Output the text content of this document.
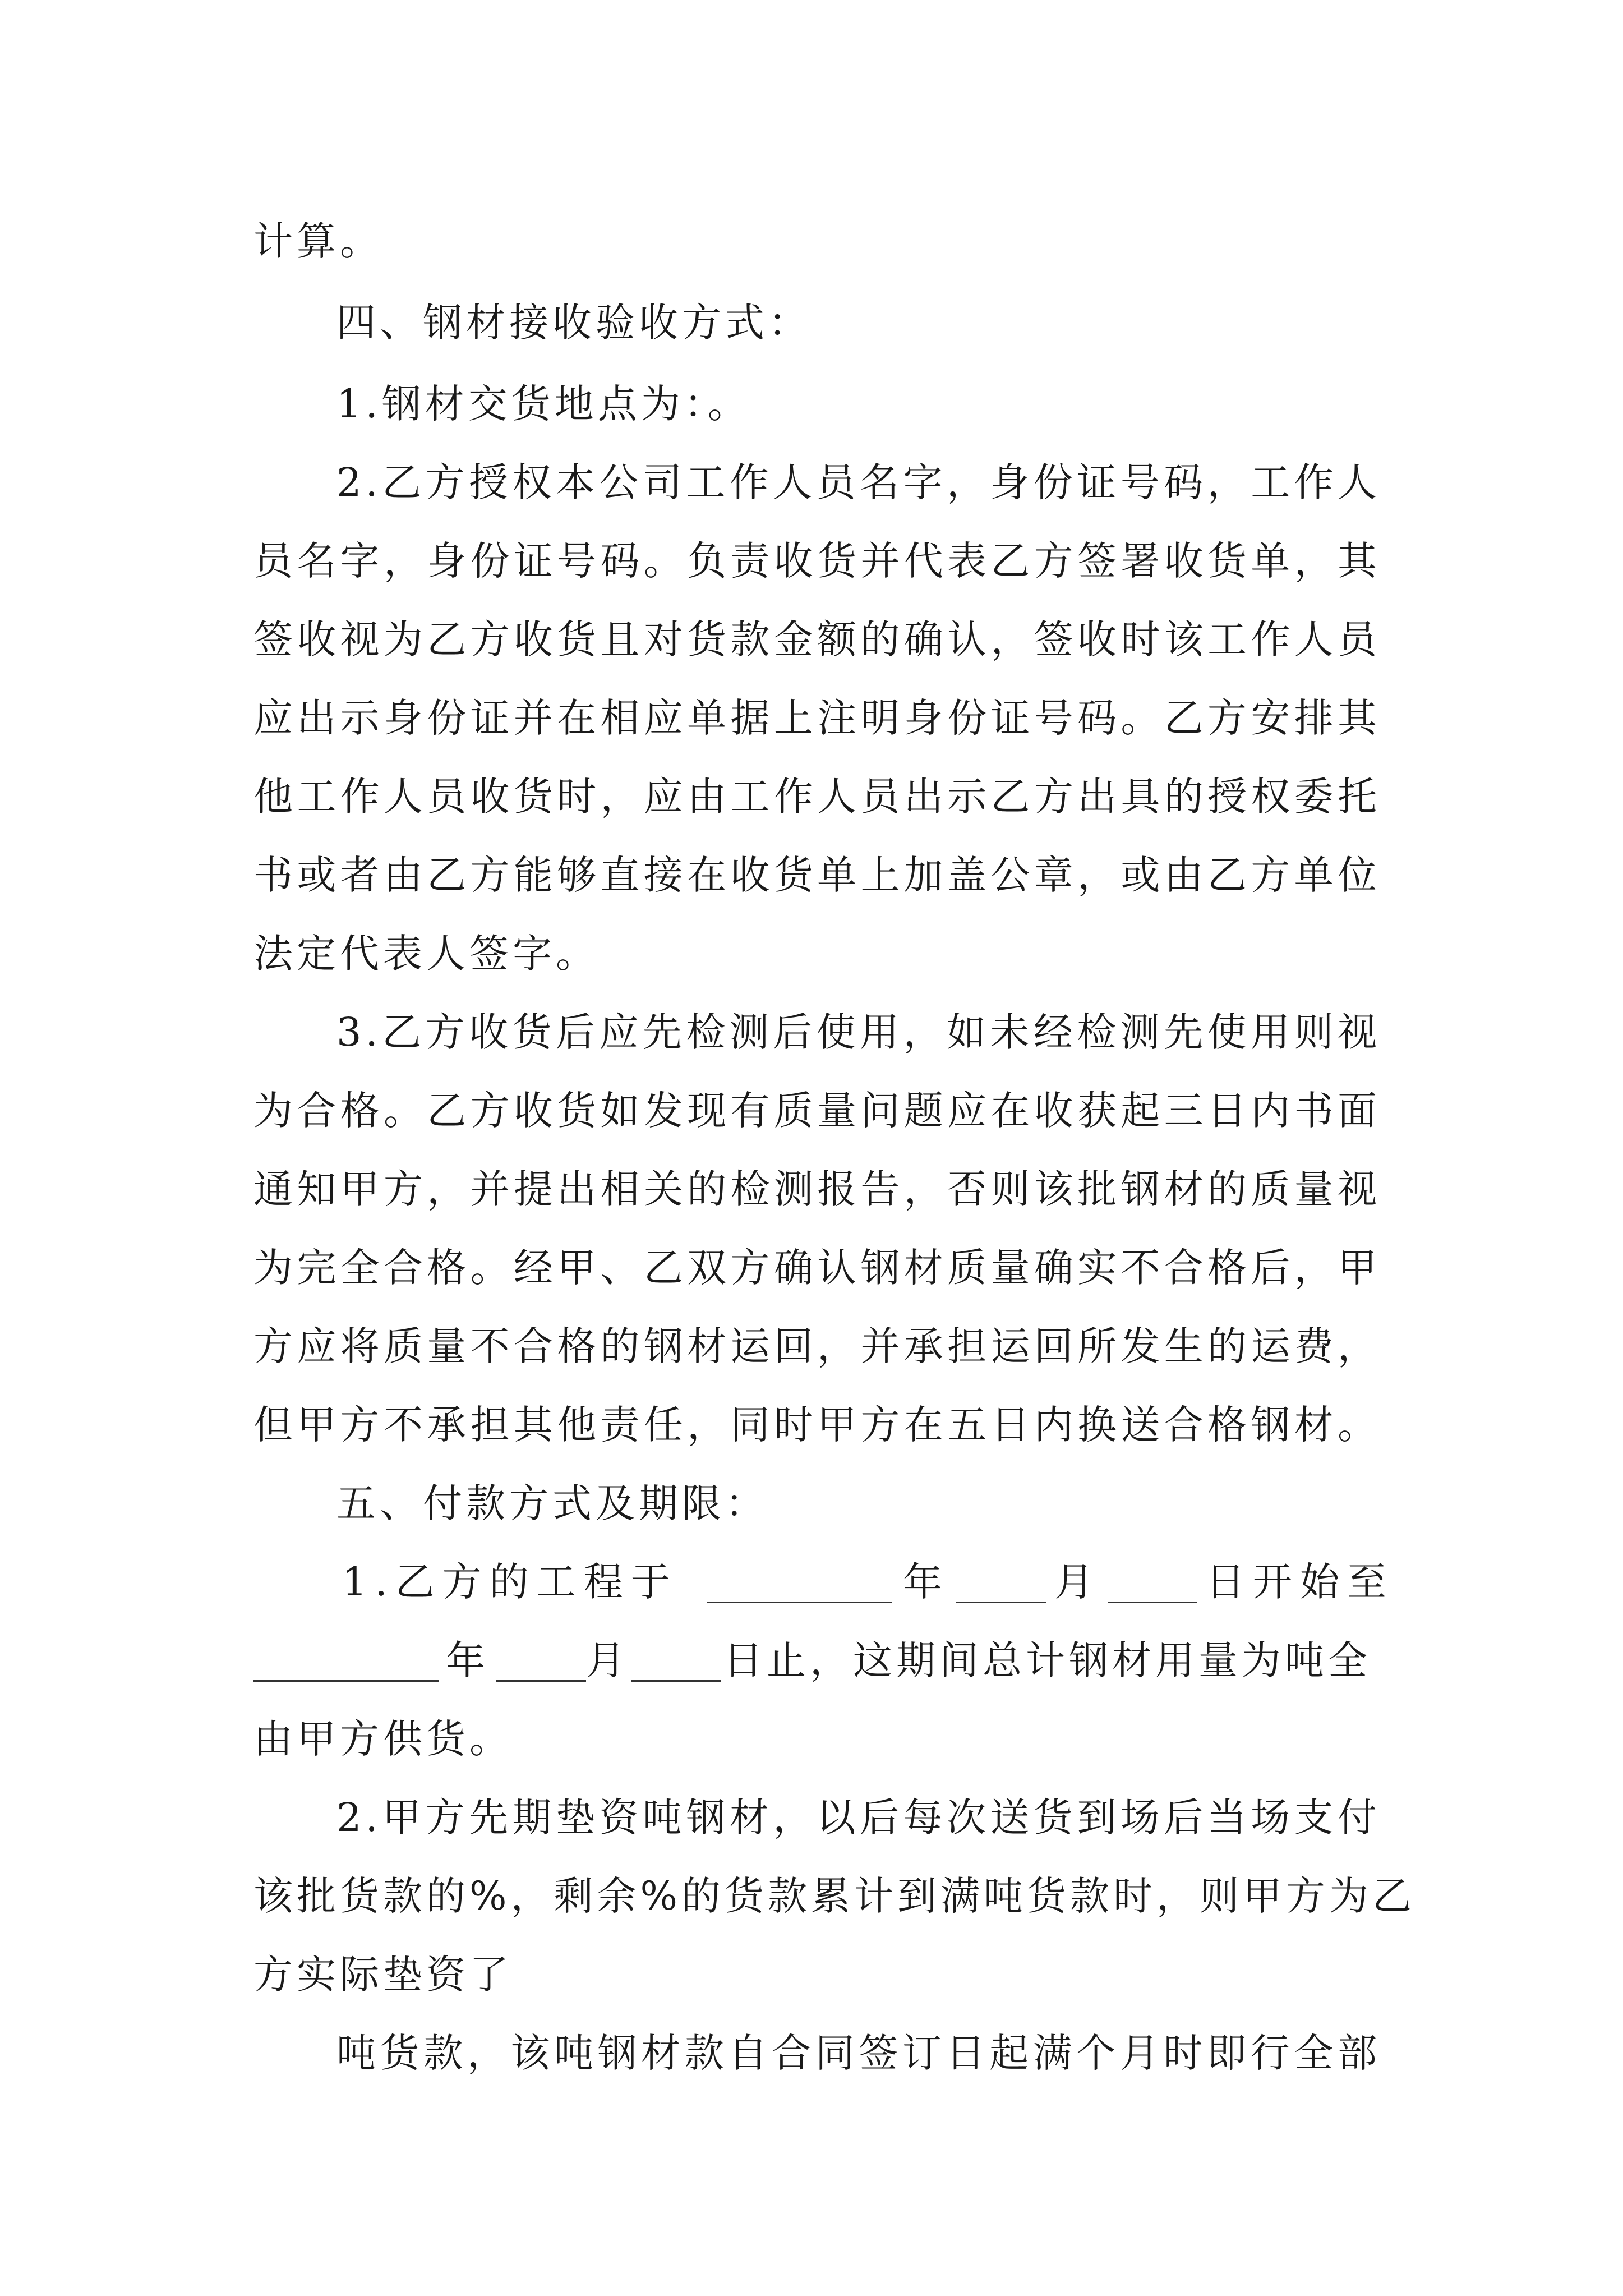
计算。
四、钢材接收验收方式：
1.钢材交货地点为：。
2.乙方授权本公司工作人员名字，身份证号码，工作人
员名字，身份证号码。负责收货并代表乙方签署收货单，其
签收视为乙方收货且对货款金额的确认，签收时该工作人员
应出示身份证并在相应单据上注明身份证号码。乙方安排其
他工作人员收货时，应由工作人员出示乙方出具的授权委托
书或者由乙方能够直接在收货单上加盖公章，或由乙方单位
法定代表人签字。
3.乙方收货后应先检测后使用，如未经检测先使用则视
为合格。乙方收货如发现有质量问题应在收获起三日内书面
通知甲方，并提出相关的检测报告，否则该批钢材的质量视
为完全合格。经甲、乙双方确认钢材质量确实不合格后，甲
方应将质量不合格的钢材运回，并承担运回所发生的运费，
但甲方不承担其他责任，同时甲方在五日内换送合格钢材。
五、付款方式及期限：
1.乙方的工程于	年	月	日开始至
年 月 日止，这期间总计钢材用量为吨全
由甲方供货。
2.甲方先期垫资吨钢材，以后每次送货到场后当场支付
该批货款的%，剩余%的货款累计到满吨货款时，则甲方为乙
方实际垫资了
吨货款，该吨钢材款自合同签订日起满个月时即行全部
